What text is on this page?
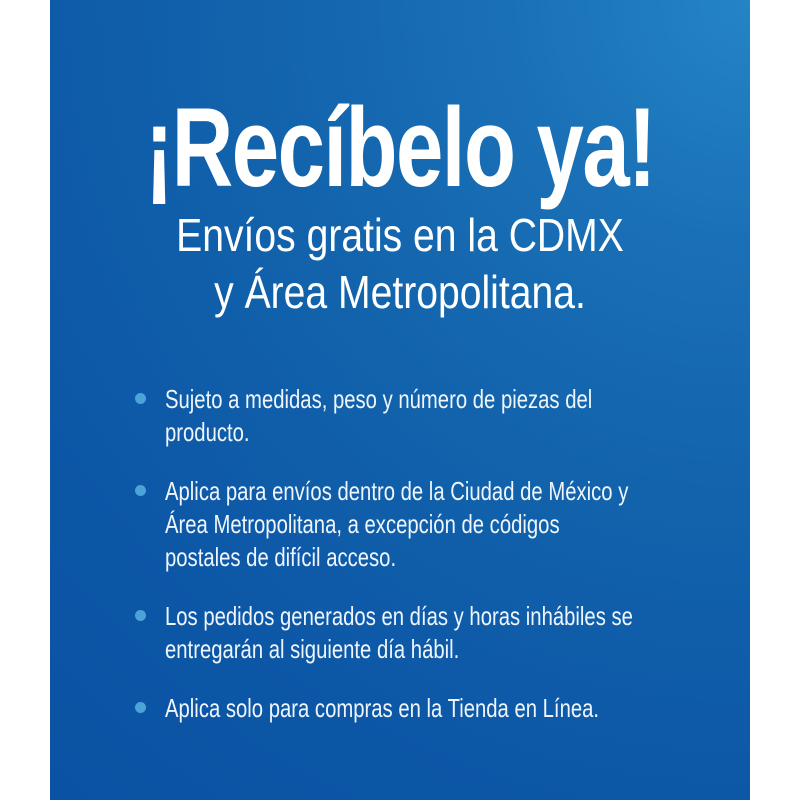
¡Recíbelo ya!

Envíos gratis en la CDMX
y Área Metropolitana.

Sujeto a medidas, peso y número de piezas del
producto.
Aplica para envíos dentro de la Ciudad de México y
Área Metropolitana, a excepción de códigos
postales de difícil acceso.
Los pedidos generados en días y horas inhábiles se
entregarán al siguiente día hábil.
Aplica solo para compras en la Tienda en Línea.
